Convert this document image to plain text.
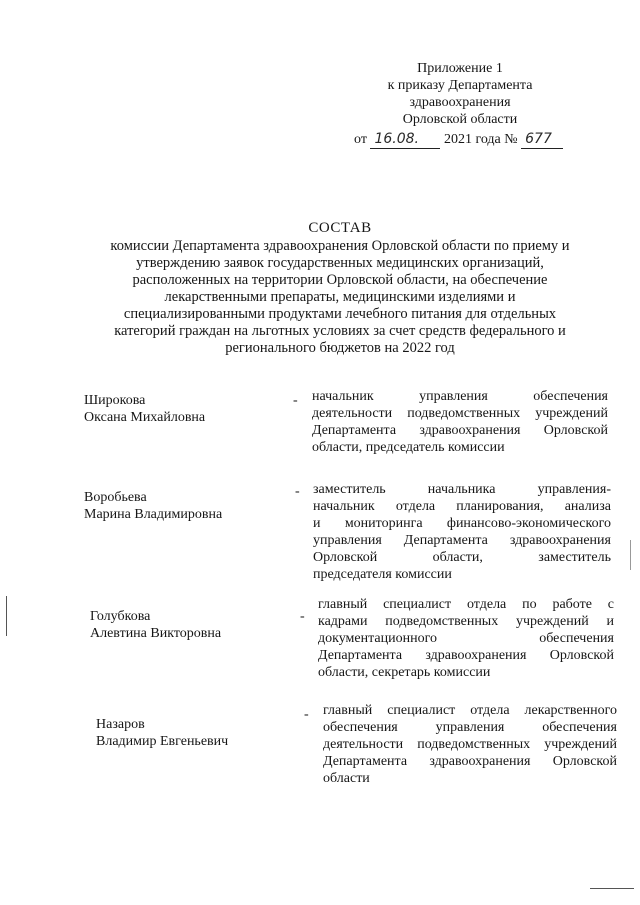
Приложение 1
к приказу Департамента
здравоохранения
Орловской области
от 16.08. 2021 года № 677
СОСТАВ
комиссии Департамента здравоохранения Орловской области по приему и
утверждению заявок государственных медицинских организаций,
расположенных на территории Орловской области, на обеспечение
лекарственными препараты, медицинскими изделиями и
специализированными продуктами лечебного питания для отдельных
категорий граждан на льготных условиях за счет средств федерального и
регионального бюджетов на 2022 год
Широкова
Оксана Михайловна
- начальник управления обеспечения
деятельности подведомственных учреждений
Департамента здравоохранения Орловской
области, председатель комиссии
Воробьева
Марина Владимировна
- заместитель начальника управления-
начальник отдела планирования, анализа
и мониторинга финансово-экономического
управления Департамента здравоохранения
Орловской области, заместитель
председателя комиссии
Голубкова
Алевтина Викторовна
-
главный специалист отдела по работе с
кадрами подведомственных учреждений и
документационного обеспечения
Департамента здравоохранения Орловской
области, секретарь комиссии
Назаров
Владимир Евгеньевич
- главный специалист отдела лекарственного
обеспечения управления обеспечения
деятельности подведомственных учреждений
Департамента здравоохранения Орловской
области
